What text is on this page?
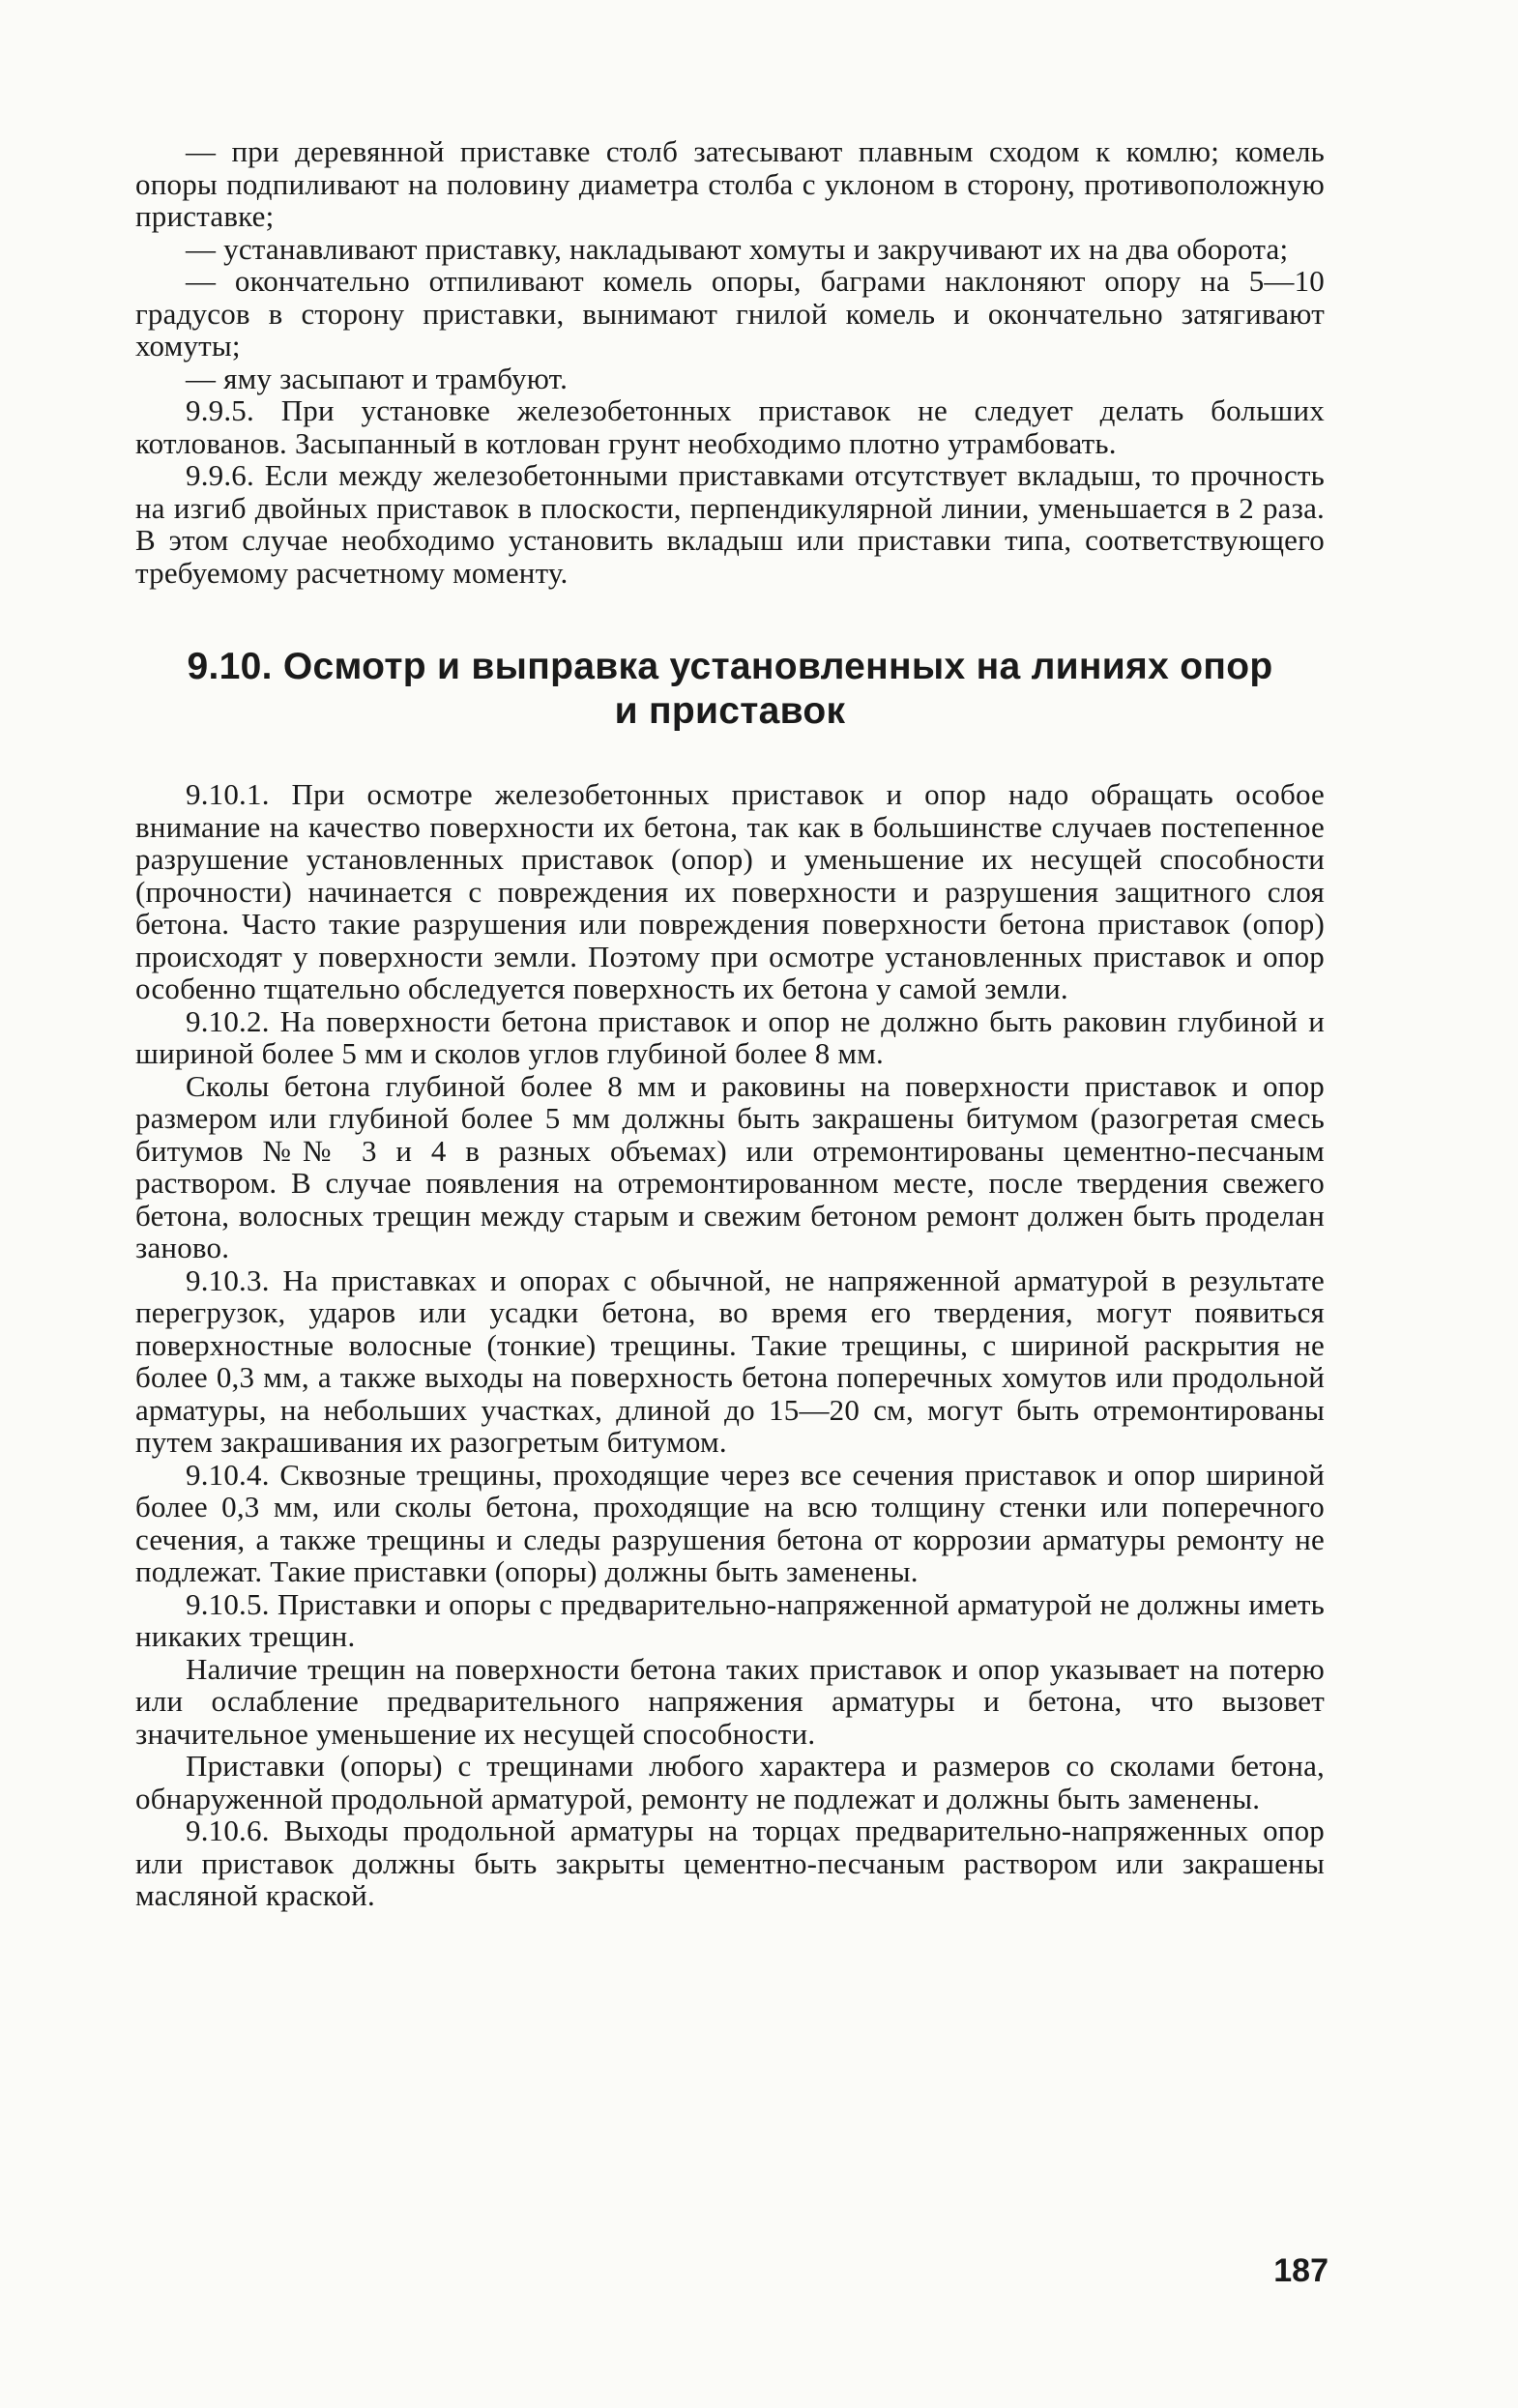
— при деревянной приставке столб затесывают плавным сходом к комлю; комель опоры подпиливают на половину диаметра столба с уклоном в сторону, противоположную приставке;

— устанавливают приставку, накладывают хомуты и закручивают их на два оборота;

— окончательно отпиливают комель опоры, баграми наклоняют опору на 5—10 градусов в сторону приставки, вынимают гнилой комель и окончательно затягивают хомуты;

— яму засыпают и трамбуют.

9.9.5. При установке железобетонных приставок не следует делать больших котлованов. Засыпанный в котлован грунт необходимо плотно утрамбовать.

9.9.6. Если между железобетонными приставками отсутствует вкладыш, то прочность на изгиб двойных приставок в плоскости, перпендикулярной линии, уменьшается в 2 раза. В этом случае необходимо установить вкладыш или приставки типа, соответствующего требуемому расчетному моменту.

9.10. Осмотр и выправка установленных на линиях опор
и приставок

9.10.1. При осмотре железобетонных приставок и опор надо обращать особое внимание на качество поверхности их бетона, так как в большинстве случаев постепенное разрушение установленных приставок (опор) и уменьшение их несущей способности (прочности) начинается с повреждения их поверхности и разрушения защитного слоя бетона. Часто такие разрушения или повреждения поверхности бетона приставок (опор) происходят у поверхности земли. Поэтому при осмотре установленных приставок и опор особенно тщательно обследуется поверхность их бетона у самой земли.

9.10.2. На поверхности бетона приставок и опор не должно быть раковин глубиной и шириной более 5 мм и сколов углов глубиной более 8 мм.

Сколы бетона глубиной более 8 мм и раковины на поверхности приставок и опор размером или глубиной более 5 мм должны быть закрашены битумом (разогретая смесь битумов №№ 3 и 4 в разных объемах) или отремонтированы цементно-песчаным раствором. В случае появления на отремонтированном месте, после твердения свежего бетона, волосных трещин между старым и свежим бетоном ремонт должен быть проделан заново.

9.10.3. На приставках и опорах с обычной, не напряженной арматурой в результате перегрузок, ударов или усадки бетона, во время его твердения, могут появиться поверхностные волосные (тонкие) трещины. Такие трещины, с шириной раскрытия не более 0,3 мм, а также выходы на поверхность бетона поперечных хомутов или продольной арматуры, на небольших участках, длиной до 15—20 см, могут быть отремонтированы путем закрашивания их разогретым битумом.

9.10.4. Сквозные трещины, проходящие через все сечения приставок и опор шириной более 0,3 мм, или сколы бетона, проходящие на всю толщину стенки или поперечного сечения, а также трещины и следы разрушения бетона от коррозии арматуры ремонту не подлежат. Такие приставки (опоры) должны быть заменены.

9.10.5. Приставки и опоры с предварительно-напряженной арматурой не должны иметь никаких трещин.

Наличие трещин на поверхности бетона таких приставок и опор указывает на потерю или ослабление предварительного напряжения арматуры и бетона, что вызовет значительное уменьшение их несущей способности.

Приставки (опоры) с трещинами любого характера и размеров со сколами бетона, обнаруженной продольной арматурой, ремонту не подлежат и должны быть заменены.

9.10.6. Выходы продольной арматуры на торцах предварительно-напряженных опор или приставок должны быть закрыты цементно-песчаным раствором или закрашены масляной краской.

187
